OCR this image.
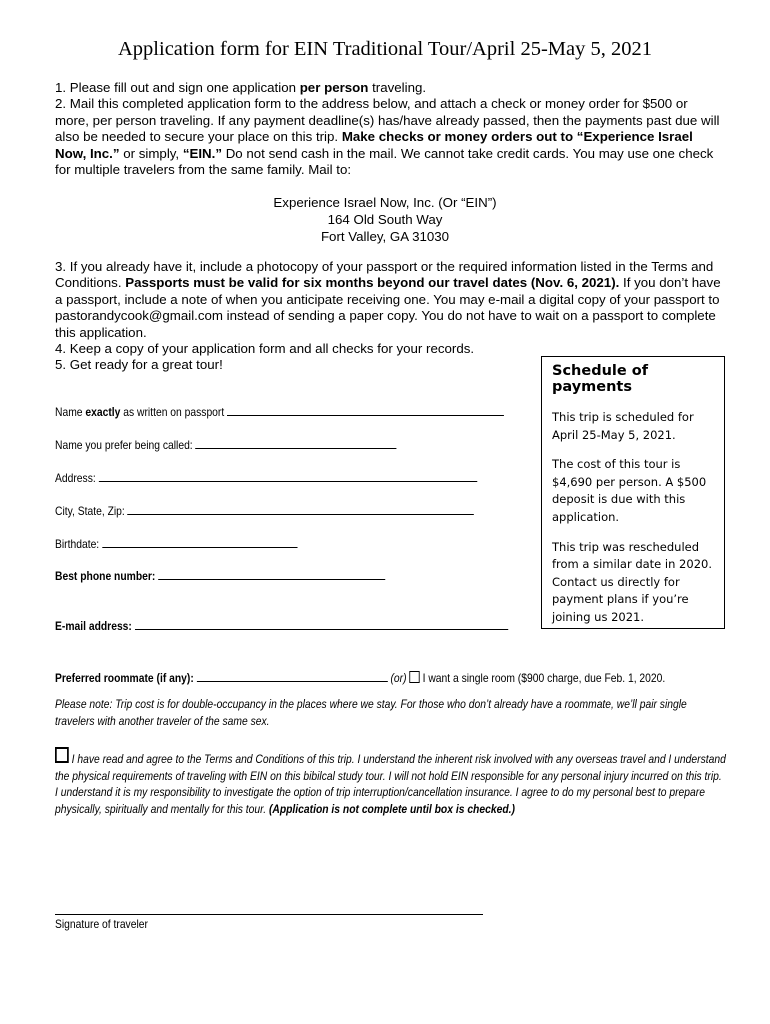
Application form for EIN Traditional Tour/April 25-May 5, 2021

1. Please fill out and sign one application per person traveling.

2. Mail this completed application form to the address below, and attach a check or money order for $500 or more, per person traveling. If any payment deadline(s) has/have already passed, then the payments past due will also be needed to secure your place on this trip. Make checks or money orders out to “Experience Israel Now, Inc.” or simply, “EIN.” Do not send cash in the mail. We cannot take credit cards. You may use one check for multiple travelers from the same family. Mail to:

Experience Israel Now, Inc. (Or “EIN”)
164 Old South Way
Fort Valley, GA 31030

3. If you already have it, include a photocopy of your passport or the required information listed in the Terms and Conditions. Passports must be valid for six months beyond our travel dates (Nov. 6, 2021). If you don’t have a passport, include a note of when you anticipate receiving one. You may e-mail a digital copy of your passport to pastorandycook@gmail.com instead of sending a paper copy. You do not have to wait on a passport to complete this application.

4. Keep a copy of your application form and all checks for your records.

5. Get ready for a great tour!

Name exactly as written on passport
Name you prefer being called:
Address:
City, State, Zip:
Birthdate:
Best phone number:
E-mail address:
Schedule of payments

This trip is scheduled for April 25-May 5, 2021.

The cost of this tour is $4,690 per person. A $500 deposit is due with this application.

This trip was rescheduled from a similar date in 2020. Contact us directly for payment plans if you’re joining us 2021.

Preferred roommate (if any):	(or) I want a single room ($900 charge, due Feb. 1, 2020.
Please note: Trip cost is for double-occupancy in the places where we stay. For those who don’t already have a roommate, we’ll pair single travelers with another traveler of the same sex.
I have read and agree to the Terms and Conditions of this trip. I understand the inherent risk involved with any overseas travel and I understand the physical requirements of traveling with EIN on this bibilcal study tour. I will not hold EIN responsible for any personal injury incurred on this trip. I understand it is my responsibility to investigate the option of trip interruption/cancellation insurance. I agree to do my personal best to prepare physically, spiritually and mentally for this tour. (Application is not complete until box is checked.)
Signature of traveler
